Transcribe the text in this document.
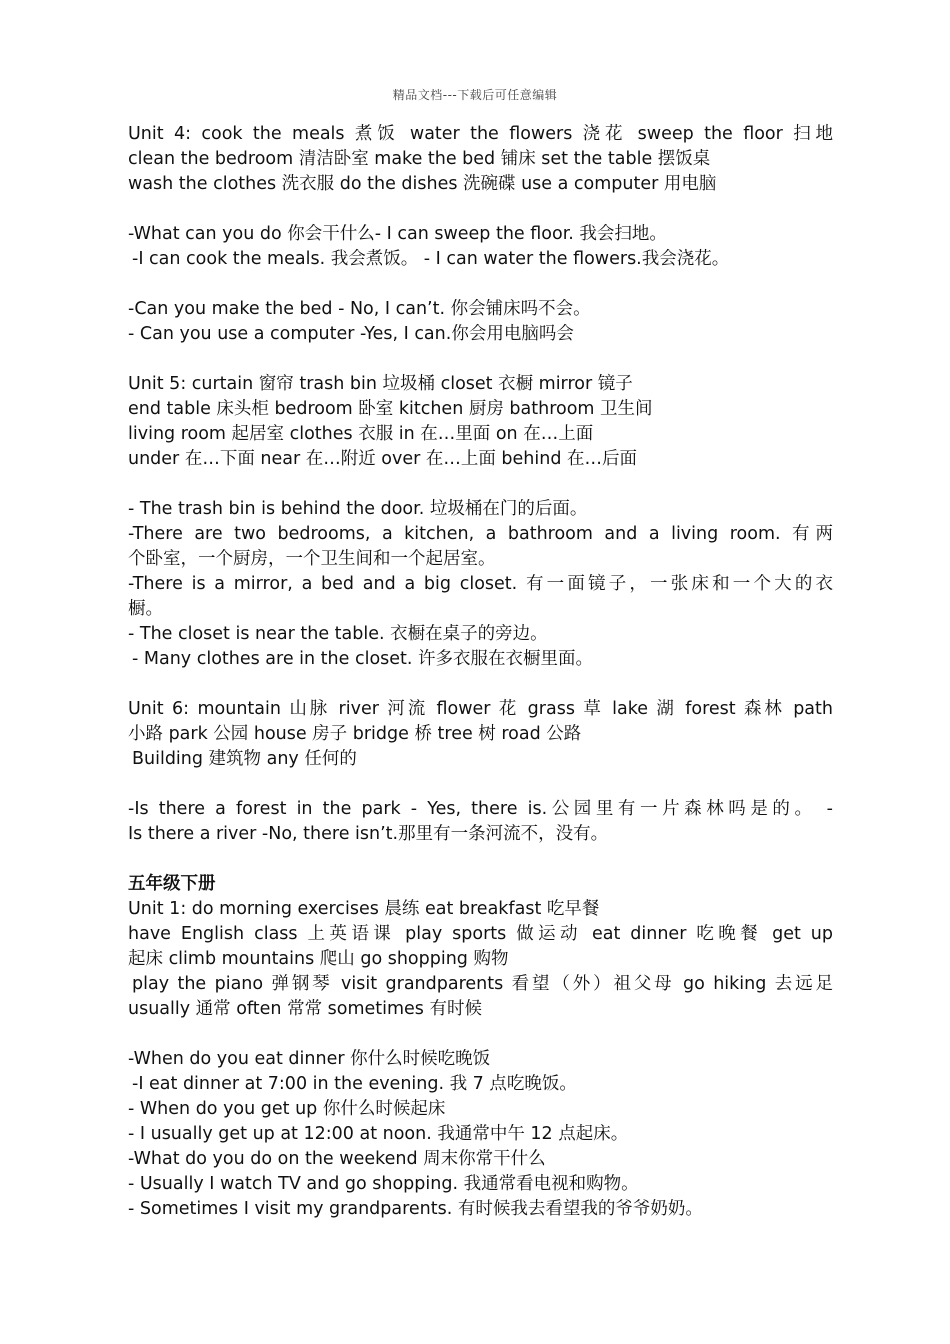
精品文档---下载后可任意编辑
Unit 4: cook the meals 煮饭 water the flowers 浇花 sweep the floor 扫地
clean the bedroom 清洁卧室 make the bed 铺床 set the table 摆饭桌
wash the clothes 洗衣服 do the dishes 洗碗碟 use a computer 用电脑
-What can you do 你会干什么- I can sweep the floor. 我会扫地。
-I can cook the meals. 我会煮饭。 - I can water the flowers.我会浇花。
-Can you make the bed - No, I can’t. 你会铺床吗不会。
- Can you use a computer -Yes, I can.你会用电脑吗会
Unit 5: curtain 窗帘 trash bin 垃圾桶 closet 衣橱 mirror 镜子
end table 床头柜 bedroom 卧室 kitchen 厨房 bathroom 卫生间
living room 起居室 clothes 衣服 in 在…里面 on 在…上面
under 在…下面 near 在…附近 over 在…上面 behind 在…后面
- The trash bin is behind the door. 垃圾桶在门的后面。
-There are two bedrooms, a kitchen, a bathroom and a living room. 有两
个卧室，一个厨房，一个卫生间和一个起居室。
-There is a mirror, a bed and a big closet. 有一面镜子，一张床和一个大的衣
橱。
- The closet is near the table. 衣橱在桌子的旁边。
- Many clothes are in the closet. 许多衣服在衣橱里面。
Unit 6: mountain 山脉 river 河流 flower 花 grass 草 lake 湖 forest 森林 path
小路 park 公园 house 房子 bridge 桥 tree 树 road 公路
Building 建筑物 any 任何的
-Is there a forest in the park - Yes, there is.公园里有一片森林吗是的。 -
Is there a river -No, there isn’t.那里有一条河流不，没有。
五年级下册
Unit 1: do morning exercises 晨练 eat breakfast 吃早餐
have English class 上英语课 play sports 做运动 eat dinner 吃晚餐 get up
起床 climb mountains 爬山 go shopping 购物
play the piano 弹钢琴 visit grandparents 看望（外）祖父母 go hiking 去远足
usually 通常 often 常常 sometimes 有时候
-When do you eat dinner 你什么时候吃晚饭
-I eat dinner at 7:00 in the evening. 我 7 点吃晚饭。
- When do you get up 你什么时候起床
- I usually get up at 12:00 at noon. 我通常中午 12 点起床。
-What do you do on the weekend 周末你常干什么
- Usually I watch TV and go shopping. 我通常看电视和购物。
- Sometimes I visit my grandparents. 有时候我去看望我的爷爷奶奶。
